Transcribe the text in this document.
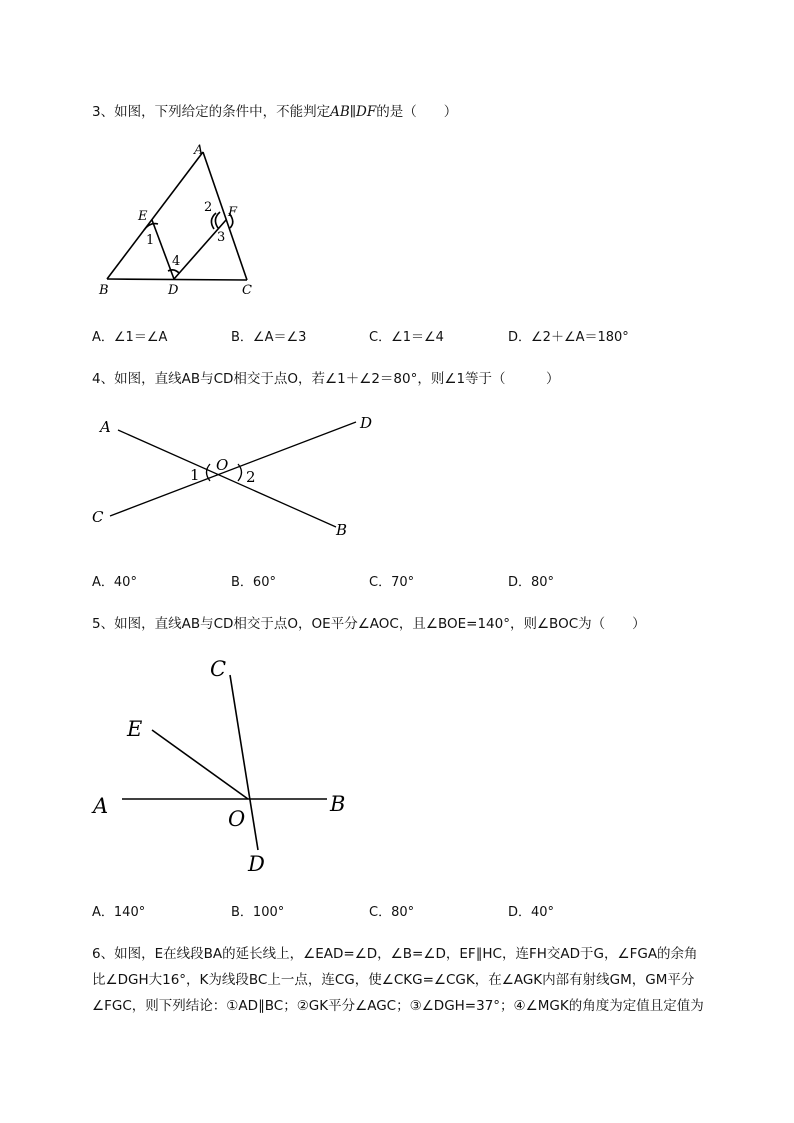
3、如图，下列给定的条件中，不能判定AB∥DF的是（　　）
A
B	C
D
E	F
1
2
3
4
A．∠1＝∠A	B．∠A＝∠3	C．∠1＝∠4	D．∠2＋∠A＝180°
4、如图，直线AB与CD相交于点O，若∠1＋∠2＝80°，则∠1等于（　　　）
A
B
C
D
O
1	2
A．40°	B．60°	C．70°	D．80°
5、如图，直线AB与CD相交于点O，OE平分∠AOC，且∠BOE=140°，则∠BOC为（　　）
A	B
C
D
E
O
A．140°	B．100°	C．80°	D．40°
6、如图，E在线段BA的延长线上，∠EAD=∠D，∠B=∠D，EF∥HC，连FH交AD于G，∠FGA的余角
比∠DGH大16°，K为线段BC上一点，连CG，使∠CKG=∠CGK，在∠AGK内部有射线GM，GM平分
∠FGC，则下列结论：①AD∥BC；②GK平分∠AGC；③∠DGH=37°；④∠MGK的角度为定值且定值为
